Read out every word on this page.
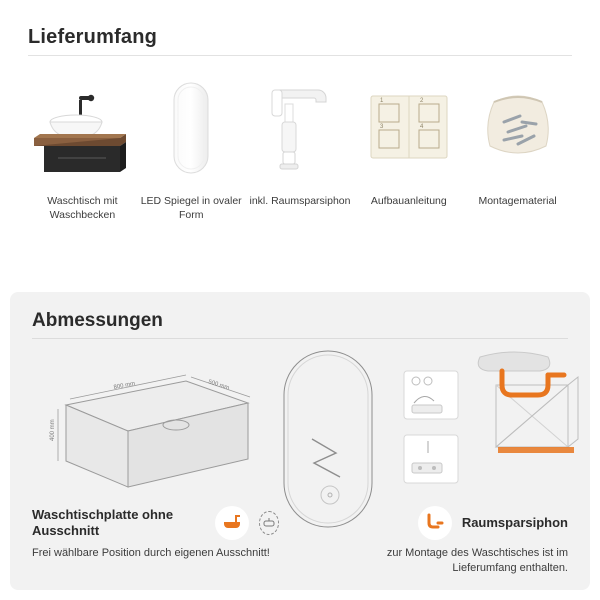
Lieferumfang
Waschtisch mit Waschbecken
LED Spiegel in ovaler Form
inkl. Raumsparsiphon
1	2
3	4
Aufbauanleitung	Montagematerial
Abmessungen
800 mm	500 mm
400 mm
Waschtischplatte ohne Ausschnitt
Frei wählbare Position durch eigenen Ausschnitt!
Raumsparsiphon
zur Montage des Waschtisches ist im Lieferumfang enthalten.
